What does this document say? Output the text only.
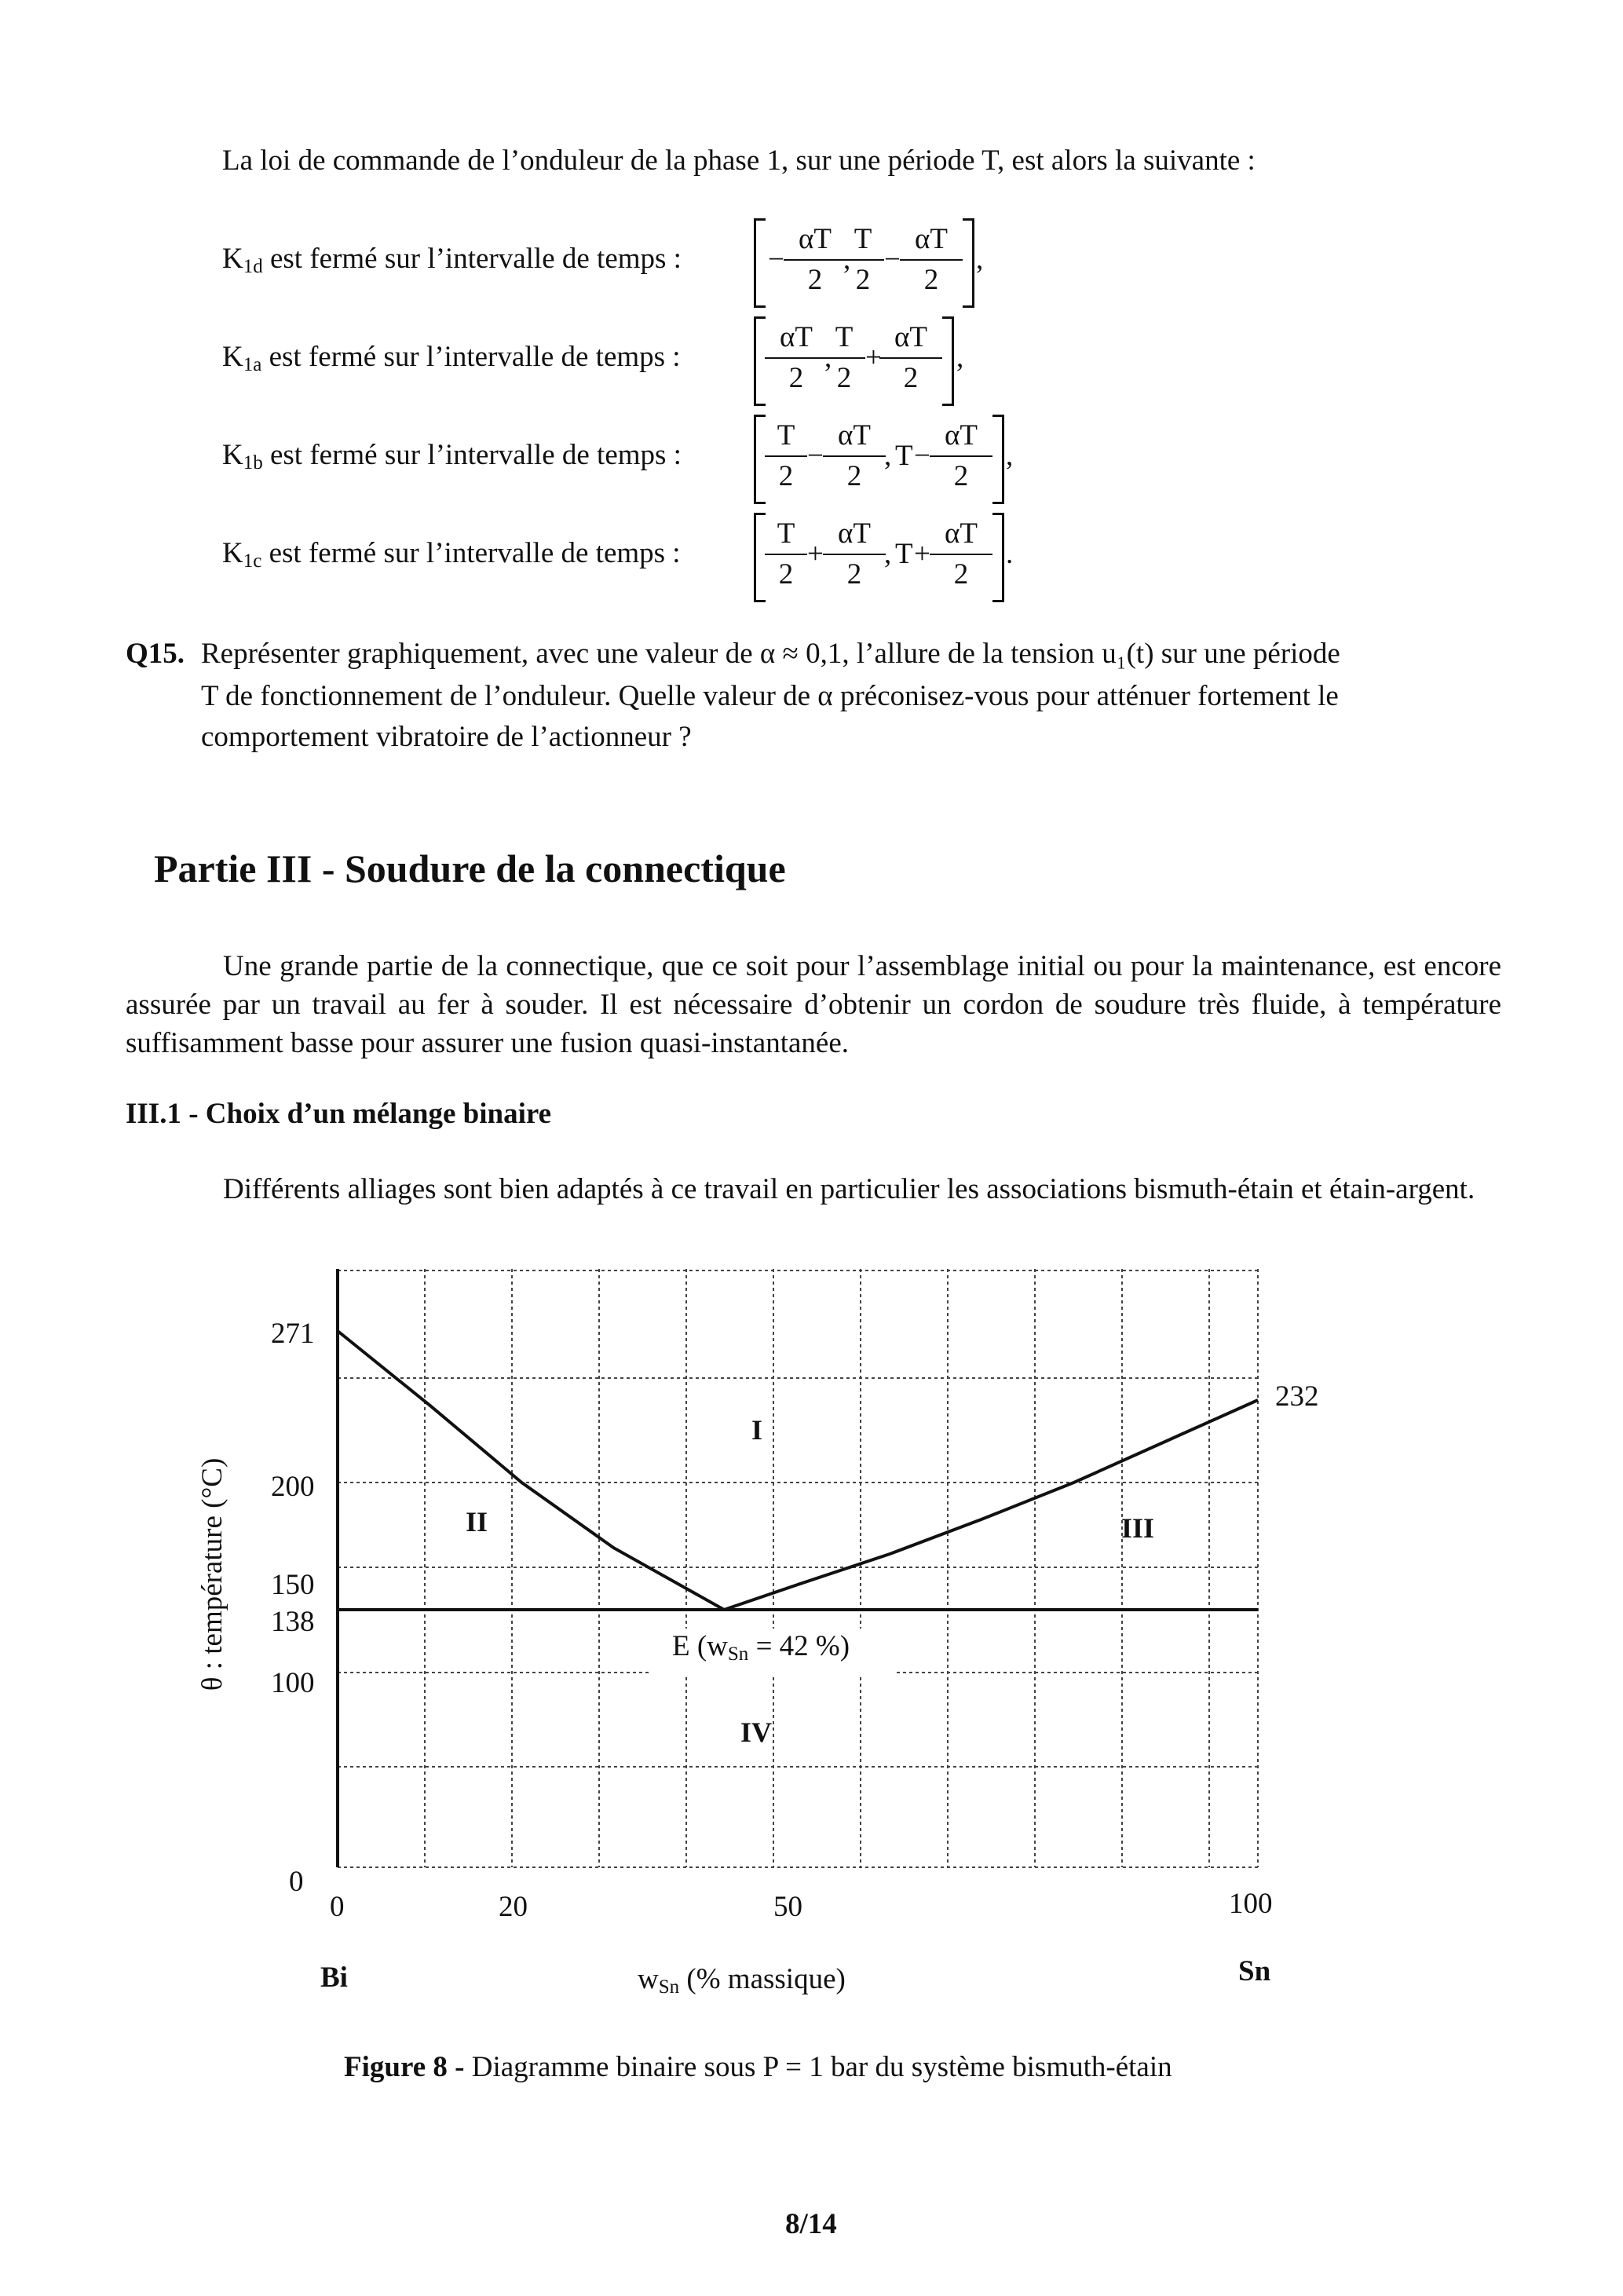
La loi de commande de l’onduleur de la phase 1, sur une période T, est alors la suivante :
$K_{1d}$ est fermé sur l’intervalle de temps :	− $\frac{\alpha T}{2}$
,
$\frac{T}{2} - \frac{\alpha T}{2}$ ,
$K_{1a}$ est fermé sur l’intervalle de temps :	$\frac{\alpha T}{2}$
,
$\frac{T}{2}$ +
$\frac{\alpha T}{2}$ ,
$K_{1b}$ est fermé sur l’intervalle de temps :	$\frac{T}{2} - \frac{\alpha T}{2}$
, $T - \frac{\alpha T}{2}$ ,
$K_{1c}$ est fermé sur l’intervalle de temps :	$\frac{T}{2} + \frac{\alpha T}{2}$
, $T + \frac{\alpha T}{2}$ .
Q15. Représenter graphiquement, avec une valeur de α ≈ 0,1, l’allure de la tension u₁(t) sur une période
T de fonctionnement de l’onduleur. Quelle valeur de α préconisez-vous pour atténuer fortement le
comportement vibratoire de l’actionneur ?
Partie III - Soudure de la connectique
Une grande partie de la connectique, que ce soit pour l’assemblage initial ou pour la maintenance, est encore assurée par un travail au fer à souder. Il est nécessaire d’obtenir un cordon de soudure très fluide, à température suffisamment basse pour assurer une fusion quasi-instantanée.
III.1 - Choix d’un mélange binaire
Différents alliages sont bien adaptés à ce travail en particulier les associations bismuth-étain et étain-argent.
271
200
150
138
100
0
0	20	50	100
I
II	III
IV
232
E (wSn = 42 %)
Bi	Sn
wSn (% massique)
θ : température (°C)
Figure 8 - Diagramme binaire sous P = 1 bar du système bismuth-étain
8/14
